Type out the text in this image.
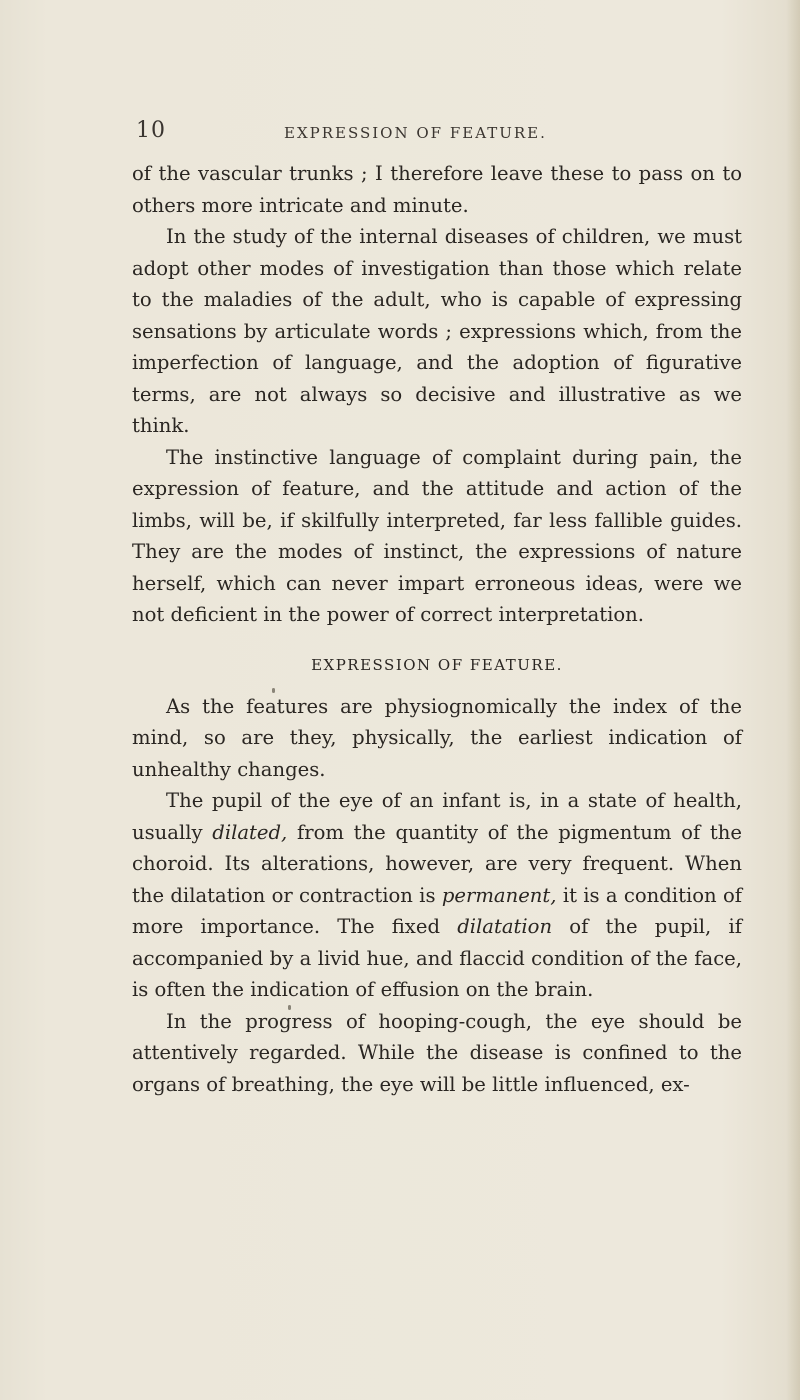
10	EXPRESSION OF FEATURE.

of the vascular trunks ; I therefore leave these to pass on to others more intricate and minute.

In the study of the internal diseases of children, we must adopt other modes of investigation than those which relate to the maladies of the adult, who is capable of expressing sensations by articulate words ; expressions which, from the imperfection of language, and the adoption of figurative terms, are not always so decisive and illustrative as we think.

The instinctive language of complaint during pain, the expression of feature, and the attitude and action of the limbs, will be, if skilfully interpreted, far less fallible guides. They are the modes of instinct, the expressions of nature herself, which can never impart erroneous ideas, were we not deficient in the power of correct interpretation.

EXPRESSION OF FEATURE.

As the features are physiognomically the index of the mind, so are they, physically, the earliest indication of unhealthy changes.

The pupil of the eye of an infant is, in a state of health, usually dilated, from the quantity of the pigmentum of the choroid. Its alterations, however, are very frequent. When the dilatation or contraction is permanent, it is a condition of more importance. The fixed dilatation of the pupil, if accompanied by a livid hue, and flaccid condition of the face, is often the indication of effusion on the brain.

In the progress of hooping-cough, the eye should be attentively regarded. While the disease is confined to the organs of breathing, the eye will be little influenced, ex-
